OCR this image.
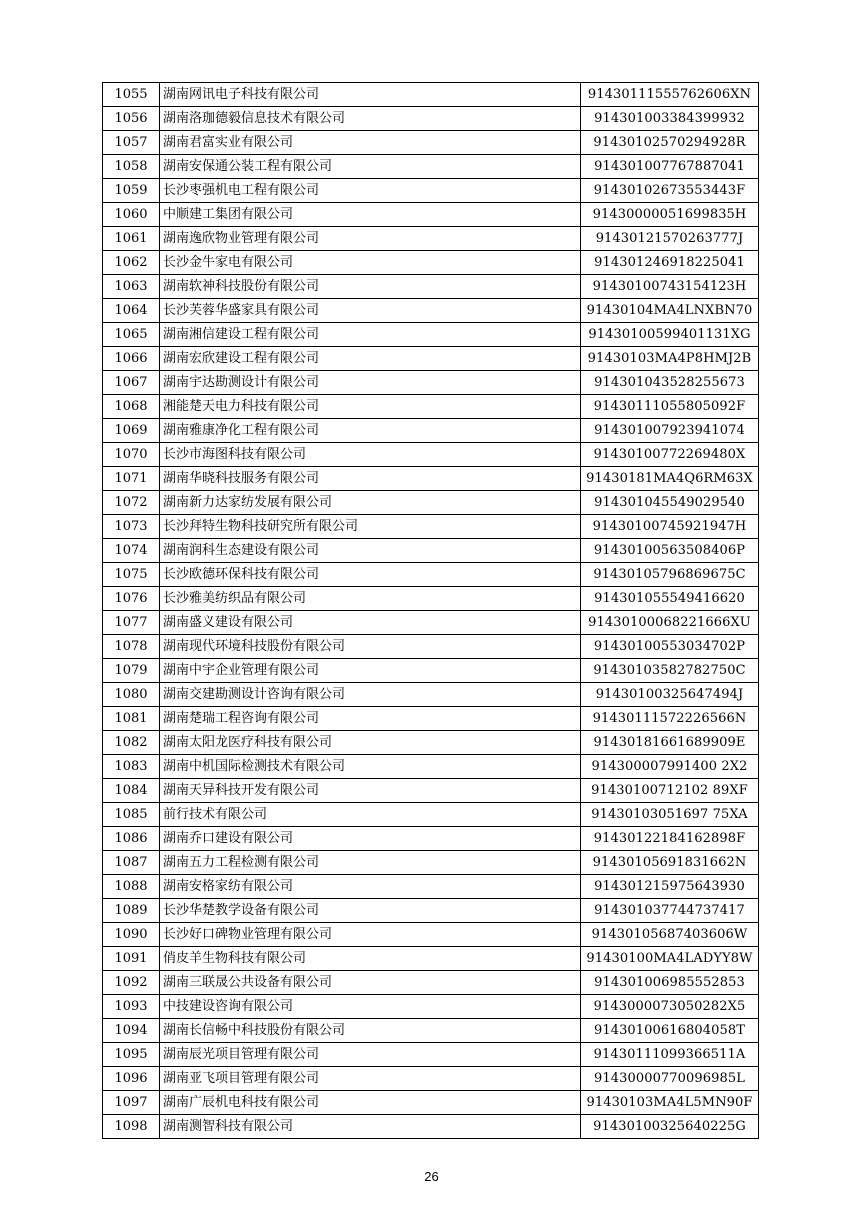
1055	湖南网讯电子科技有限公司	91430111555762606XN
1056	湖南洛珈德毅信息技术有限公司	914301003384399932
1057	湖南君富实业有限公司	91430102570294928R
1058	湖南安保通公装工程有限公司	914301007767887041
1059	长沙枣强机电工程有限公司	91430102673553443F
1060	中顺建工集团有限公司	91430000051699835H
1061	湖南逸欣物业管理有限公司	91430121570263777J
1062	长沙金牛家电有限公司	914301246918225041
1063	湖南软神科技股份有限公司	91430100743154123H
1064	长沙芙蓉华盛家具有限公司	91430104MA4LNXBN70
1065	湖南湘信建设工程有限公司	91430100599401131XG
1066	湖南宏欣建设工程有限公司	91430103MA4P8HMJ2B
1067	湖南宇达勘测设计有限公司	914301043528255673
1068	湘能楚天电力科技有限公司	91430111055805092F
1069	湖南雅康净化工程有限公司	914301007923941074
1070	长沙市海图科技有限公司	91430100772269480X
1071	湖南华晓科技服务有限公司	91430181MA4Q6RM63X
1072	湖南新力达家纺发展有限公司	914301045549029540
1073	长沙拜特生物科技研究所有限公司	91430100745921947H
1074	湖南润科生态建设有限公司	91430100563508406P
1075	长沙欧德环保科技有限公司	91430105796869675C
1076	长沙雅美纺织品有限公司	914301055549416620
1077	湖南盛义建设有限公司	91430100068221666XU
1078	湖南现代环境科技股份有限公司	91430100553034702P
1079	湖南中宇企业管理有限公司	91430103582782750C
1080	湖南交建勘测设计咨询有限公司	91430100325647494J
1081	湖南楚瑞工程咨询有限公司	91430111572226566N
1082	湖南太阳龙医疗科技有限公司	91430181661689909E
1083	湖南中机国际检测技术有限公司	914300007991400 2X2
1084	湖南天异科技开发有限公司	91430100712102 89XF
1085	前行技术有限公司	91430103051697 75XA
1086	湖南乔口建设有限公司	91430122184162898F
1087	湖南五力工程检测有限公司	91430105691831662N
1088	湖南安格家纺有限公司	914301215975643930
1089	长沙华楚教学设备有限公司	914301037744737417
1090	长沙好口碑物业管理有限公司	91430105687403606W
1091	俏皮羊生物科技有限公司	91430100MA4LADYY8W
1092	湖南三联晟公共设备有限公司	914301006985552853
1093	中技建设咨询有限公司	9143000073050282X5
1094	湖南长信畅中科技股份有限公司	91430100616804058T
1095	湖南辰光项目管理有限公司	91430111099366511A
1096	湖南亚飞项目管理有限公司	91430000770096985L
1097	湖南广辰机电科技有限公司	91430103MA4L5MN90F
1098	湖南测智科技有限公司	91430100325640225G
26
